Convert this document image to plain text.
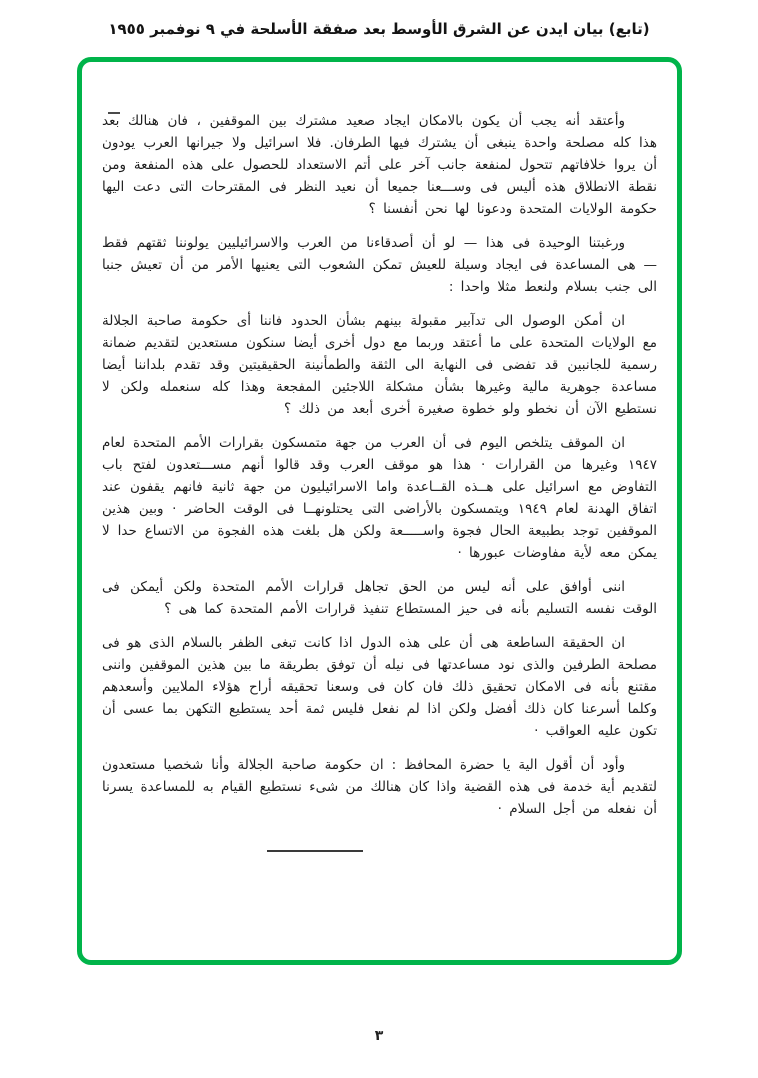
(تابع) بيان ايدن عن الشرق الأوسط بعد صفقة الأسلحة في ٩ نوفمبر ١٩٥٥

وأعتقد أنه يجب أن يكون بالامكان ايجاد صعيد مشترك بين الموقفين ، فان هنالك بعد هذا كله مصلحة واحدة ينبغى أن يشترك فيها الطرفان. فلا اسرائيل ولا جيرانها العرب يودون أن يروا خلافاتهم تتحول لمنفعة جانب آخر على أتم الاستعداد للحصول على هذه المنفعة ومن نقطة الانطلاق هذه أليس فى وســـعنا جميعا أن نعيد النظر فى المقترحات التى دعت اليها حكومة الولايات المتحدة ودعونا لها نحن أنفسنا ؟

ورغبتنا الوحيدة فى هذا — لو أن أصدقاءنا من العرب والاسرائيليين يولوننا ثقتهم فقط — هى المساعدة فى ايجاد وسيلة للعيش تمكن الشعوب التى يعنيها الأمر من أن تعيش جنبا الى جنب بسلام ولنعط مثلا واحدا :

ان أمكن الوصول الى تدآبير مقبولة بينهم بشأن الحدود فاننا أى حكومة صاحبة الجلالة مع الولايات المتحدة على ما أعتقد وربما مع دول أخرى أيضا سنكون مستعدين لتقديم ضمانة رسمية للجانبين قد تفضى فى النهاية الى الثقة والطمأنينة الحقيقيتين وقد تقدم بلداننا أيضا مساعدة جوهرية مالية وغيرها بشأن مشكلة اللاجئين المفجعة وهذا كله سنعمله ولكن لا نستطيع الآن أن نخطو ولو خطوة صغيرة أخرى أبعد من ذلك ؟

ان الموقف يتلخص اليوم فى أن العرب من جهة متمسكون بقرارات الأمم المتحدة لعام ١٩٤٧ وغيرها من القرارات · هذا هو موقف العرب وقد قالوا أنهم مســـتعدون لفتح باب التفاوض مع اسرائيل على هــذه القــاعدة واما الاسرائيليون من جهة ثانية فانهم يقفون عند اتفاق الهدنة لعام ١٩٤٩ ويتمسكون بالأراضى التى يحتلونهــا فى الوقت الحاضر · وبين هذين الموقفين توجد بطبيعة الحال فجوة واســـــعة ولكن هل بلغت هذه الفجوة من الاتساع حدا لا يمكن معه لأية مفاوضات عبورها ·

اننى أوافق على أنه ليس من الحق تجاهل قرارات الأمم المتحدة ولكن أيمكن فى الوقت نفسه التسليم بأنه فى حيز المستطاع تنفيذ قرارات الأمم المتحدة كما هى ؟

ان الحقيقة الساطعة هى أن على هذه الدول اذا كانت تبغى الظفر بالسلام الذى هو فى مصلحة الطرفين والذى نود مساعدتها فى نيله أن توفق بطريقة ما بين هذين الموقفين واننى مقتنع بأنه فى الامكان تحقيق ذلك فان كان فى وسعنا تحقيقه أراح هؤلاء الملايين وأسعدهم وكلما أسرعنا كان ذلك أفضل ولكن اذا لم نفعل فليس ثمة أحد يستطيع التكهن بما عسى أن تكون عليه العواقب ·

وأود أن أقول الية يا حضرة المحافظ : ان حكومة صاحبة الجلالة وأنا شخصيا مستعدون لتقديم أية خدمة فى هذه القضية واذا كان هنالك من شىء نستطيع القيام به للمساعدة يسرنا أن نفعله من أجل السلام ·

٣
